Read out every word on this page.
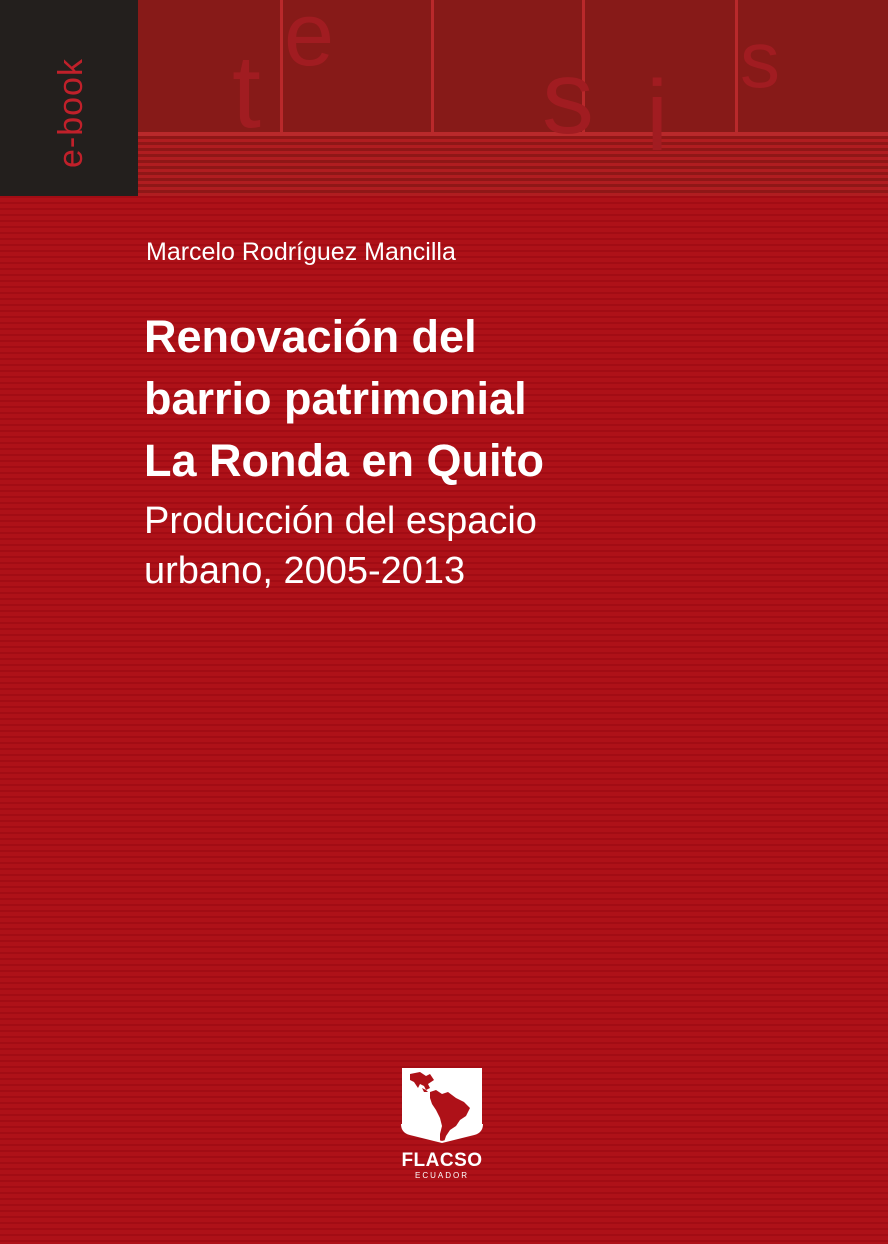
t e
s i
s
e-book
Marcelo Rodríguez Mancilla
Renovación del
barrio patrimonial
La Ronda en Quito

Producción del espacio
urbano, 2005-2013

FLACSO
ECUADOR
